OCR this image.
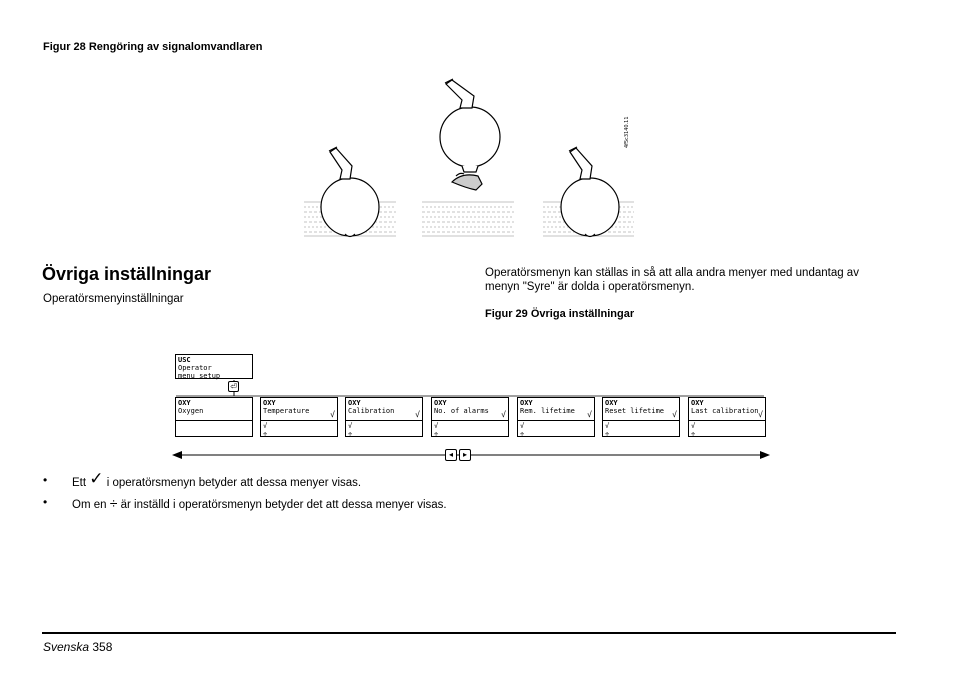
Figur 28 Rengöring av signalomvandlaren
4f5c3140.11
Övriga inställningar
Operatörsmenyinställningar
Operatörsmenyn kan ställas in så att alla andra menyer med undantag av menyn "Syre" är dolda i operatörsmenyn.
Figur 29 Övriga inställningar
USC
Operator
menu setup
⏎
OXY
Oxygen
OXY
Temperature	√
√
÷
OXY
Calibration	√
√
÷
OXY
No. of alarms	√
√
÷
OXY
Rem. lifetime	√
√
÷
OXY
Reset lifetime	√
√
÷
OXY
Last calibration √
√
÷
◂	▸
• Ett ✓ i operatörsmenyn betyder att dessa menyer visas.
• Om en ÷ är inställd i operatörsmenyn betyder det att dessa menyer visas.
Svenska 358
